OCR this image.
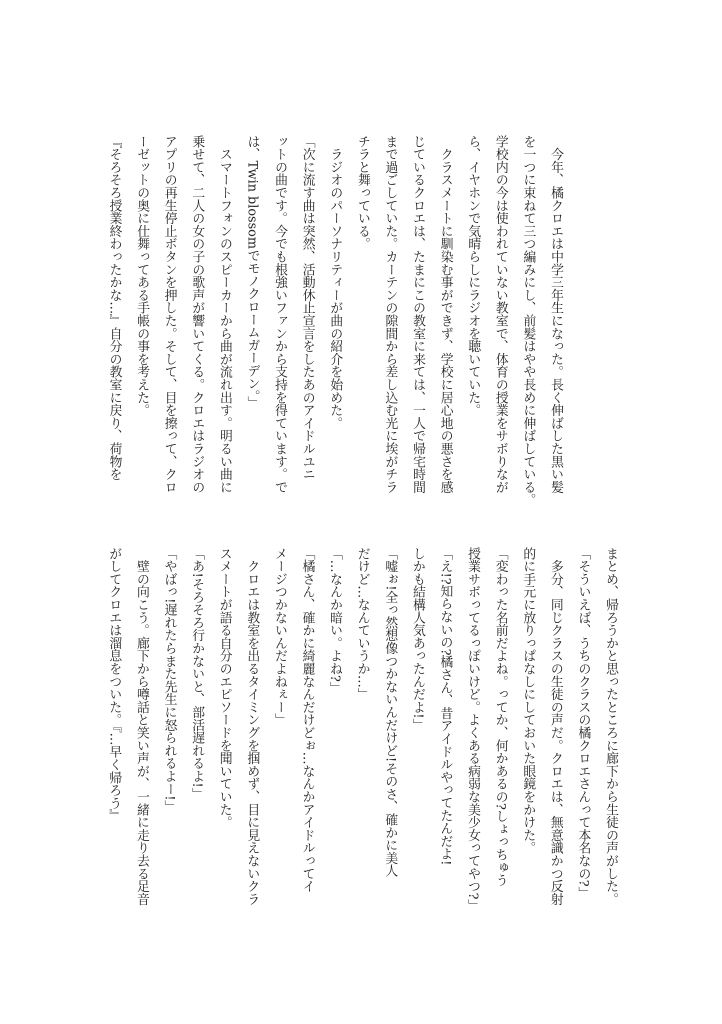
　今年、橘クロエは中学三年生になった。長く伸ばした黒い髪
を一つに束ねて三つ編みにし、前髪はやや長めに伸ばしている。
学校内の今は使われていない教室で、体育の授業をサボりなが
ら、イヤホンで気晴らしにラジオを聴いていた。
　クラスメートに馴染む事ができず、学校に居心地の悪さを感
じているクロエは、たまにこの教室に来ては、一人で帰宅時間
まで過ごしていた。カーテンの隙間から差し込む光に埃がチラ
チラと舞っている。
　ラジオのパーソナリティーが曲の紹介を始めた。
「次に流す曲は突然、活動休止宣言をしたあのアイドルユニ
ットの曲です。今でも根強いファンから支持を得ています。で
は、Twin blossomでモノクロームガーデン。」
　スマートフォンのスピーカーから曲が流れ出す。明るい曲に
乗せて、二人の女の子の歌声が響いてくる。クロエはラジオの
アプリの再生停止ボタンを押した。そして、目を擦って、クロ
ーゼットの奥に仕舞ってある手帳の事を考えた。
『そろそろ授業終わったかな…』自分の教室に戻り、荷物を
まとめ、帰ろうかと思ったところに廊下から生徒の声がした。
「そういえば、うちのクラスの橘クロエさんって本名なの?」
　多分、同じクラスの生徒の声だ。クロエは、無意識かつ反射
的に手元に放りっぱなしにしておいた眼鏡をかけた。
「変わった名前だよね。ってか、何かあるの?しょっちゅう
授業サボってるっぽいけど。よくある病弱な美少女ってやつ?」
「え!?知らないの?橘さん、昔アイドルやってたんだよ!
しかも結構人気あったんだよ!」
「嘘ぉ!全っ然想像つかないんだけど!そのさ、確かに美人
だけど…なんていうか…」
「…なんか暗い。よね?」
「橘さん、確かに綺麗なんだけどぉ…なんかアイドルってイ
メージつかないんだよねぇー」
　クロエは教室を出るタイミングを掴めず、目に見えないクラ
スメートが語る自分のエピソードを聞いていた。
「あ!そろそろ行かないと、部活遅れるよ!」
「やばっ!遅れたらまた先生に怒られるよー!」
　壁の向こう。廊下から噂話と笑い声が、一緒に走り去る足音
がしてクロエは溜息をついた。『…早く帰ろう』
